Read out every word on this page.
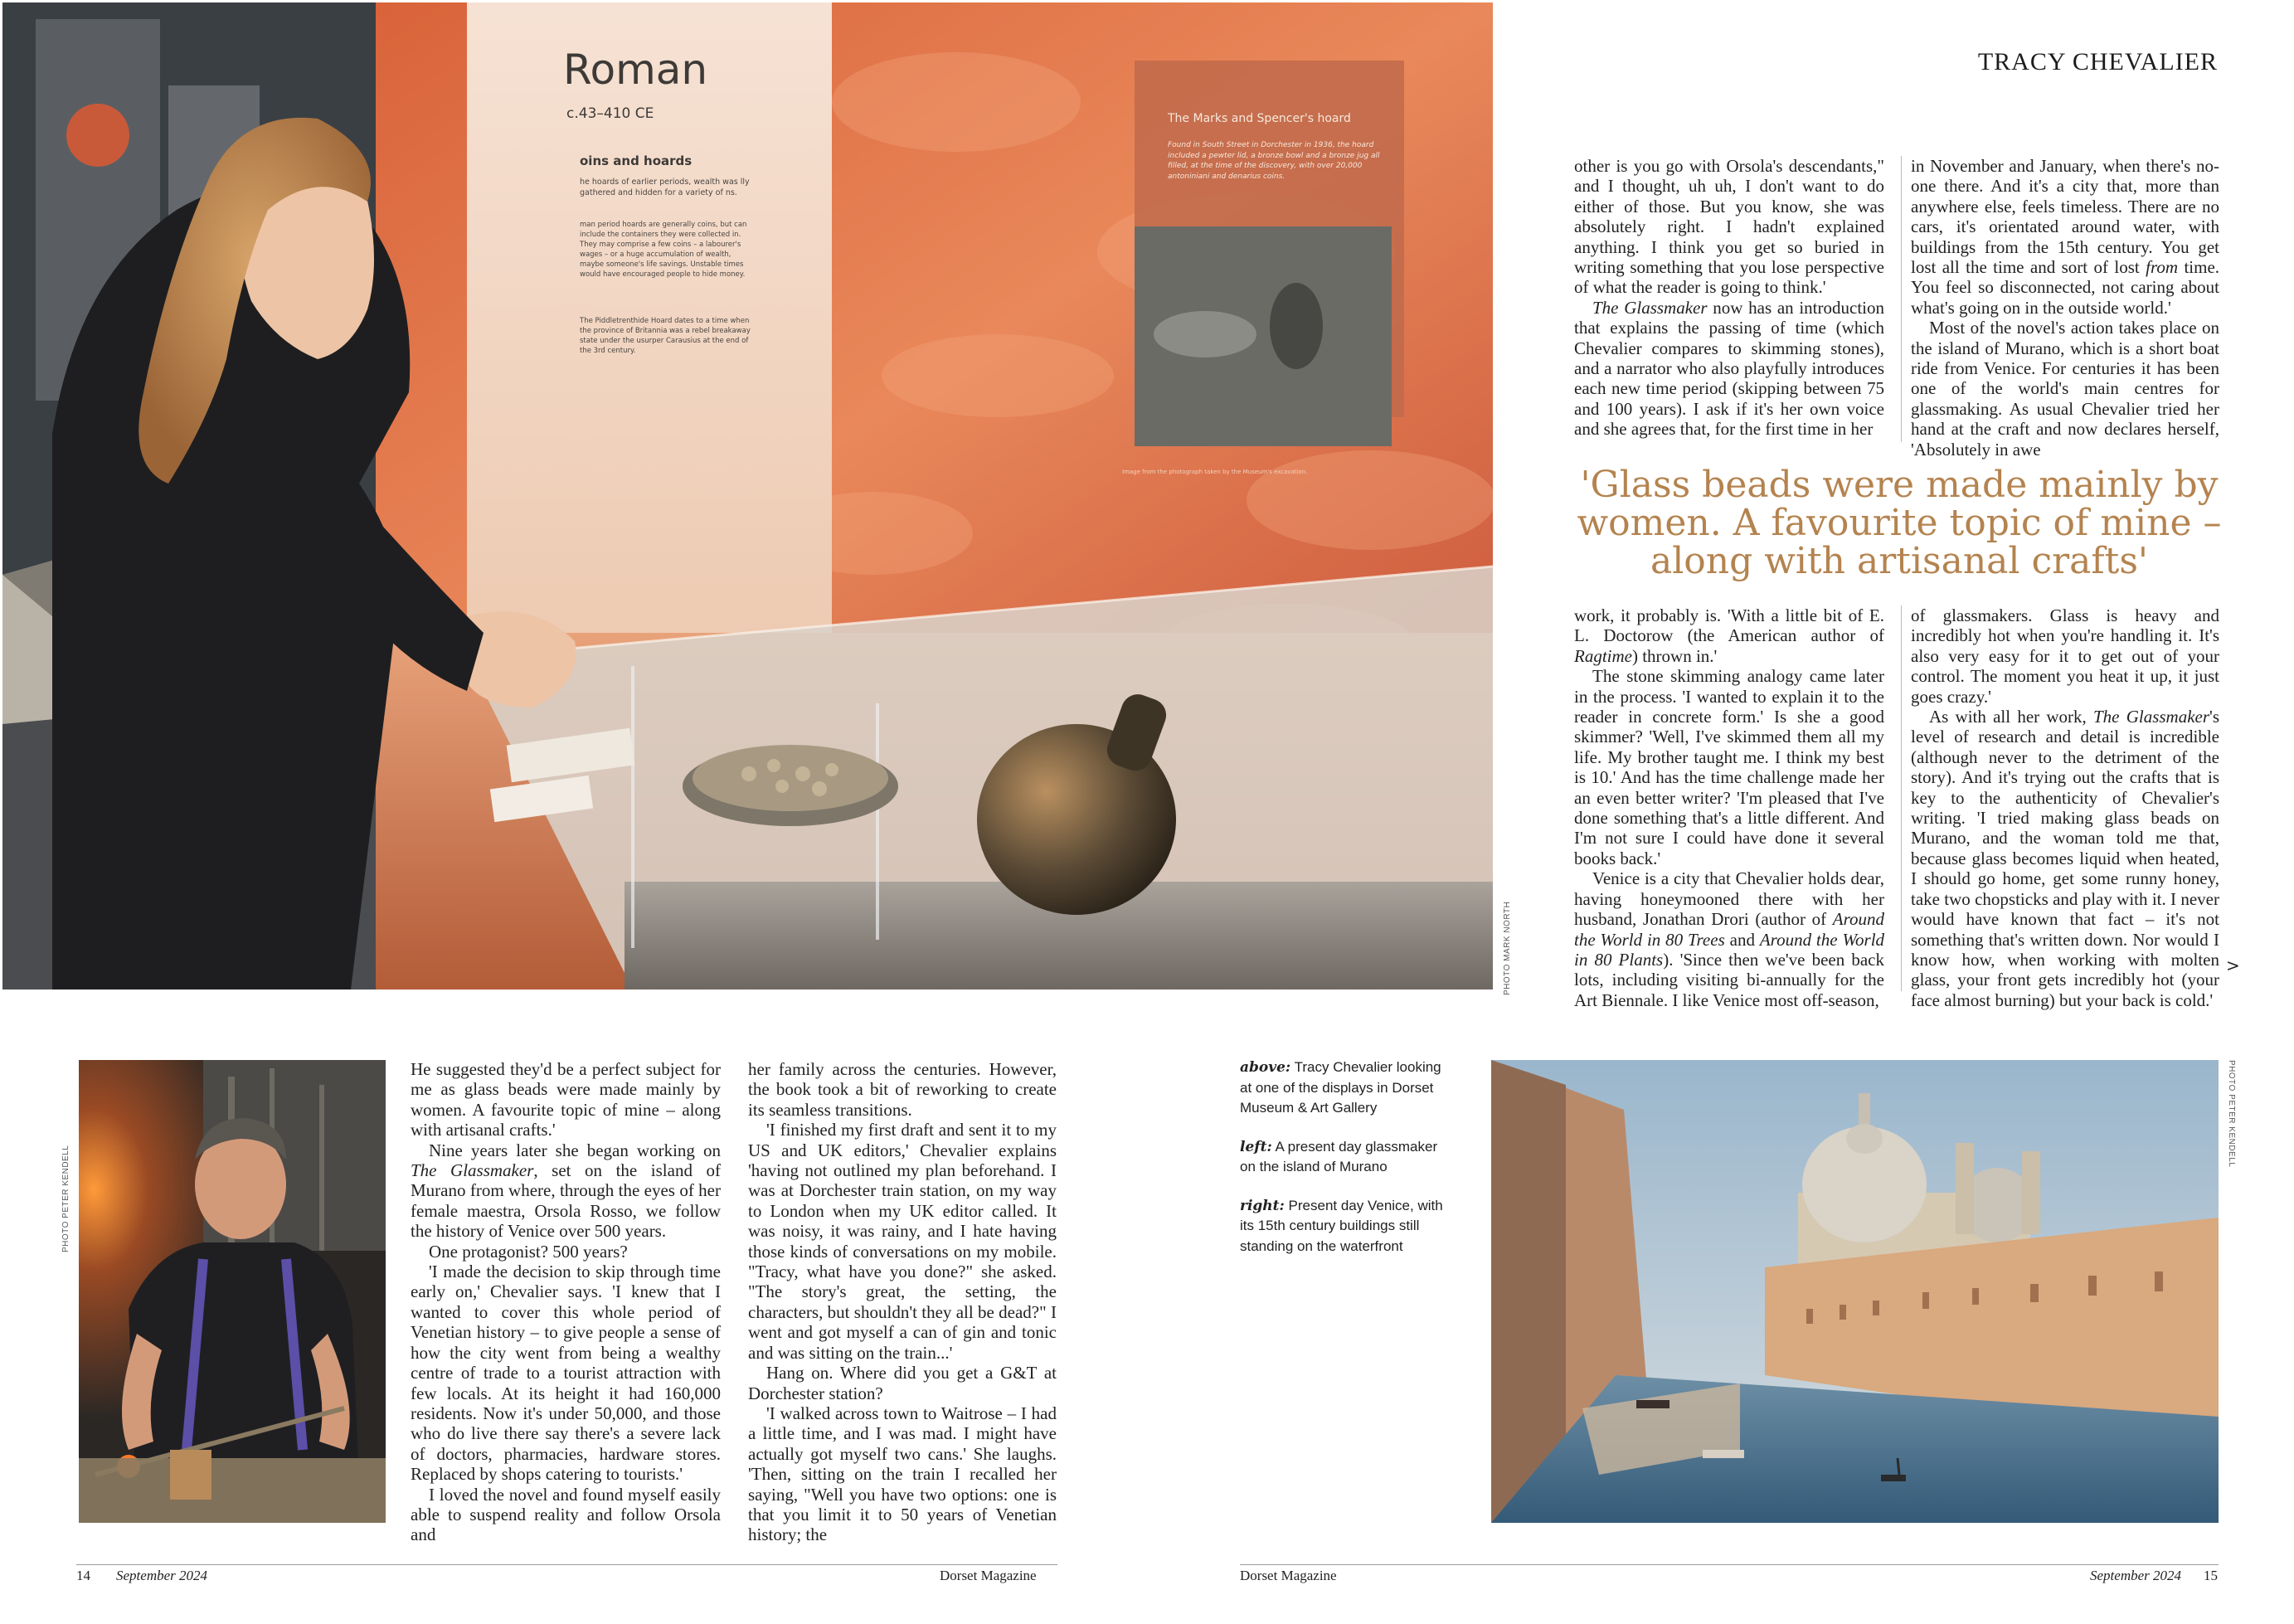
Roman
c.43–410 CE
oins and hoards
he hoards of earlier periods, wealth was lly gathered and hidden for a variety of ns.
man period hoards are generally coins, but can include the containers they were collected in. They may comprise a few coins – a labourer's wages – or a huge accumulation of wealth, maybe someone's life savings. Unstable times would have encouraged people to hide money.
The Piddletrenthide Hoard dates to a time when the province of Britannia was a rebel breakaway state under the usurper Carausius at the end of the 3rd century.
The Marks and Spencer's hoard
Found in South Street in Dorchester in 1936, the hoard included a pewter lid, a bronze bowl and a bronze jug all filled, at the time of the discovery, with over 20,000 antoniniani and denarius coins.
Image from the photograph taken by the Museum's excavation.
PHOTO MARK NORTH
TRACY CHEVALIER

other is you go with Orsola's descendants," and I thought, uh uh, I don't want to do either of those. But you know, she was absolutely right. I hadn't explained anything. I think you get so buried in writing something that you lose perspective of what the reader is going to think.'

The Glassmaker now has an introduction that explains the passing of time (which Chevalier compares to skimming stones), and a narrator who also playfully introduces each new time period (skipping between 75 and 100 years). I ask if it's her own voice and she agrees that, for the first time in her

in November and January, when there's no-one there. And it's a city that, more than anywhere else, feels timeless. There are no cars, it's orientated around water, with buildings from the 15th century. You get lost all the time and sort of lost from time. You feel so disconnected, not caring about what's going on in the outside world.'

Most of the novel's action takes place on the island of Murano, which is a short boat ride from Venice. For centuries it has been one of the world's main centres for glassmaking. As usual Chevalier tried her hand at the craft and now declares herself, 'Absolutely in awe

'Glass beads were made mainly by women. A favourite topic of mine – along with artisanal crafts'

work, it probably is. 'With a little bit of E. L. Doctorow (the American author of Ragtime) thrown in.'

The stone skimming analogy came later in the process. 'I wanted to explain it to the reader in concrete form.' Is she a good skimmer? 'Well, I've skimmed them all my life. My brother taught me. I think my best is 10.' And has the time challenge made her an even better writer? 'I'm pleased that I've done something that's a little different. And I'm not sure I could have done it several books back.'

Venice is a city that Chevalier holds dear, having honeymooned there with her husband, Jonathan Drori (author of Around the World in 80 Trees and Around the World in 80 Plants). 'Since then we've been back lots, including visiting bi-annually for the Art Biennale. I like Venice most off-season,

of glassmakers. Glass is heavy and incredibly hot when you're handling it. It's also very easy for it to get out of your control. The moment you heat it up, it just goes crazy.'

As with all her work, The Glassmaker's level of research and detail is incredible (although never to the detriment of the story). And it's trying out the crafts that is key to the authenticity of Chevalier's writing. 'I tried making glass beads on Murano, and the woman told me that, because glass becomes liquid when heated, I should go home, get some runny honey, take two chopsticks and play with it. I never would have known that fact – it's not something that's written down. Nor would I know how, when working with molten glass, your front gets incredibly hot (your face almost burning) but your back is cold.'

>
PHOTO PETER KENDELL

He suggested they'd be a perfect subject for me as glass beads were made mainly by women. A favourite topic of mine – along with artisanal crafts.'

Nine years later she began working on The Glassmaker, set on the island of Murano from where, through the eyes of her female maestra, Orsola Rosso, we follow the history of Venice over 500 years.

One protagonist? 500 years?

'I made the decision to skip through time early on,' Chevalier says. 'I knew that I wanted to cover this whole period of Venetian history – to give people a sense of how the city went from being a wealthy centre of trade to a tourist attraction with few locals. At its height it had 160,000 residents. Now it's under 50,000, and those who do live there say there's a severe lack of doctors, pharmacies, hardware stores. Replaced by shops catering to tourists.'

I loved the novel and found myself easily able to suspend reality and follow Orsola and

her family across the centuries. However, the book took a bit of reworking to create its seamless transitions.

'I finished my first draft and sent it to my US and UK editors,' Chevalier explains 'having not outlined my plan beforehand. I was at Dorchester train station, on my way to London when my UK editor called. It was noisy, it was rainy, and I hate having those kinds of conversations on my mobile. "Tracy, what have you done?" she asked. "The story's great, the setting, the characters, but shouldn't they all be dead?" I went and got myself a can of gin and tonic and was sitting on the train...'

Hang on. Where did you get a G&T at Dorchester station?

'I walked across town to Waitrose – I had a little time, and I was mad. I might have actually got myself two cans.' She laughs. 'Then, sitting on the train I recalled her saying, "Well you have two options: one is that you limit it to 50 years of Venetian history; the

above: Tracy Chevalier looking at one of the displays in Dorset Museum & Art Gallery
left: A present day glassmaker on the island of Murano
right: Present day Venice, with its 15th century buildings still standing on the waterfront
PHOTO PETER KENDELL
14 September 2024	Dorset Magazine	Dorset Magazine	September 2024 15
